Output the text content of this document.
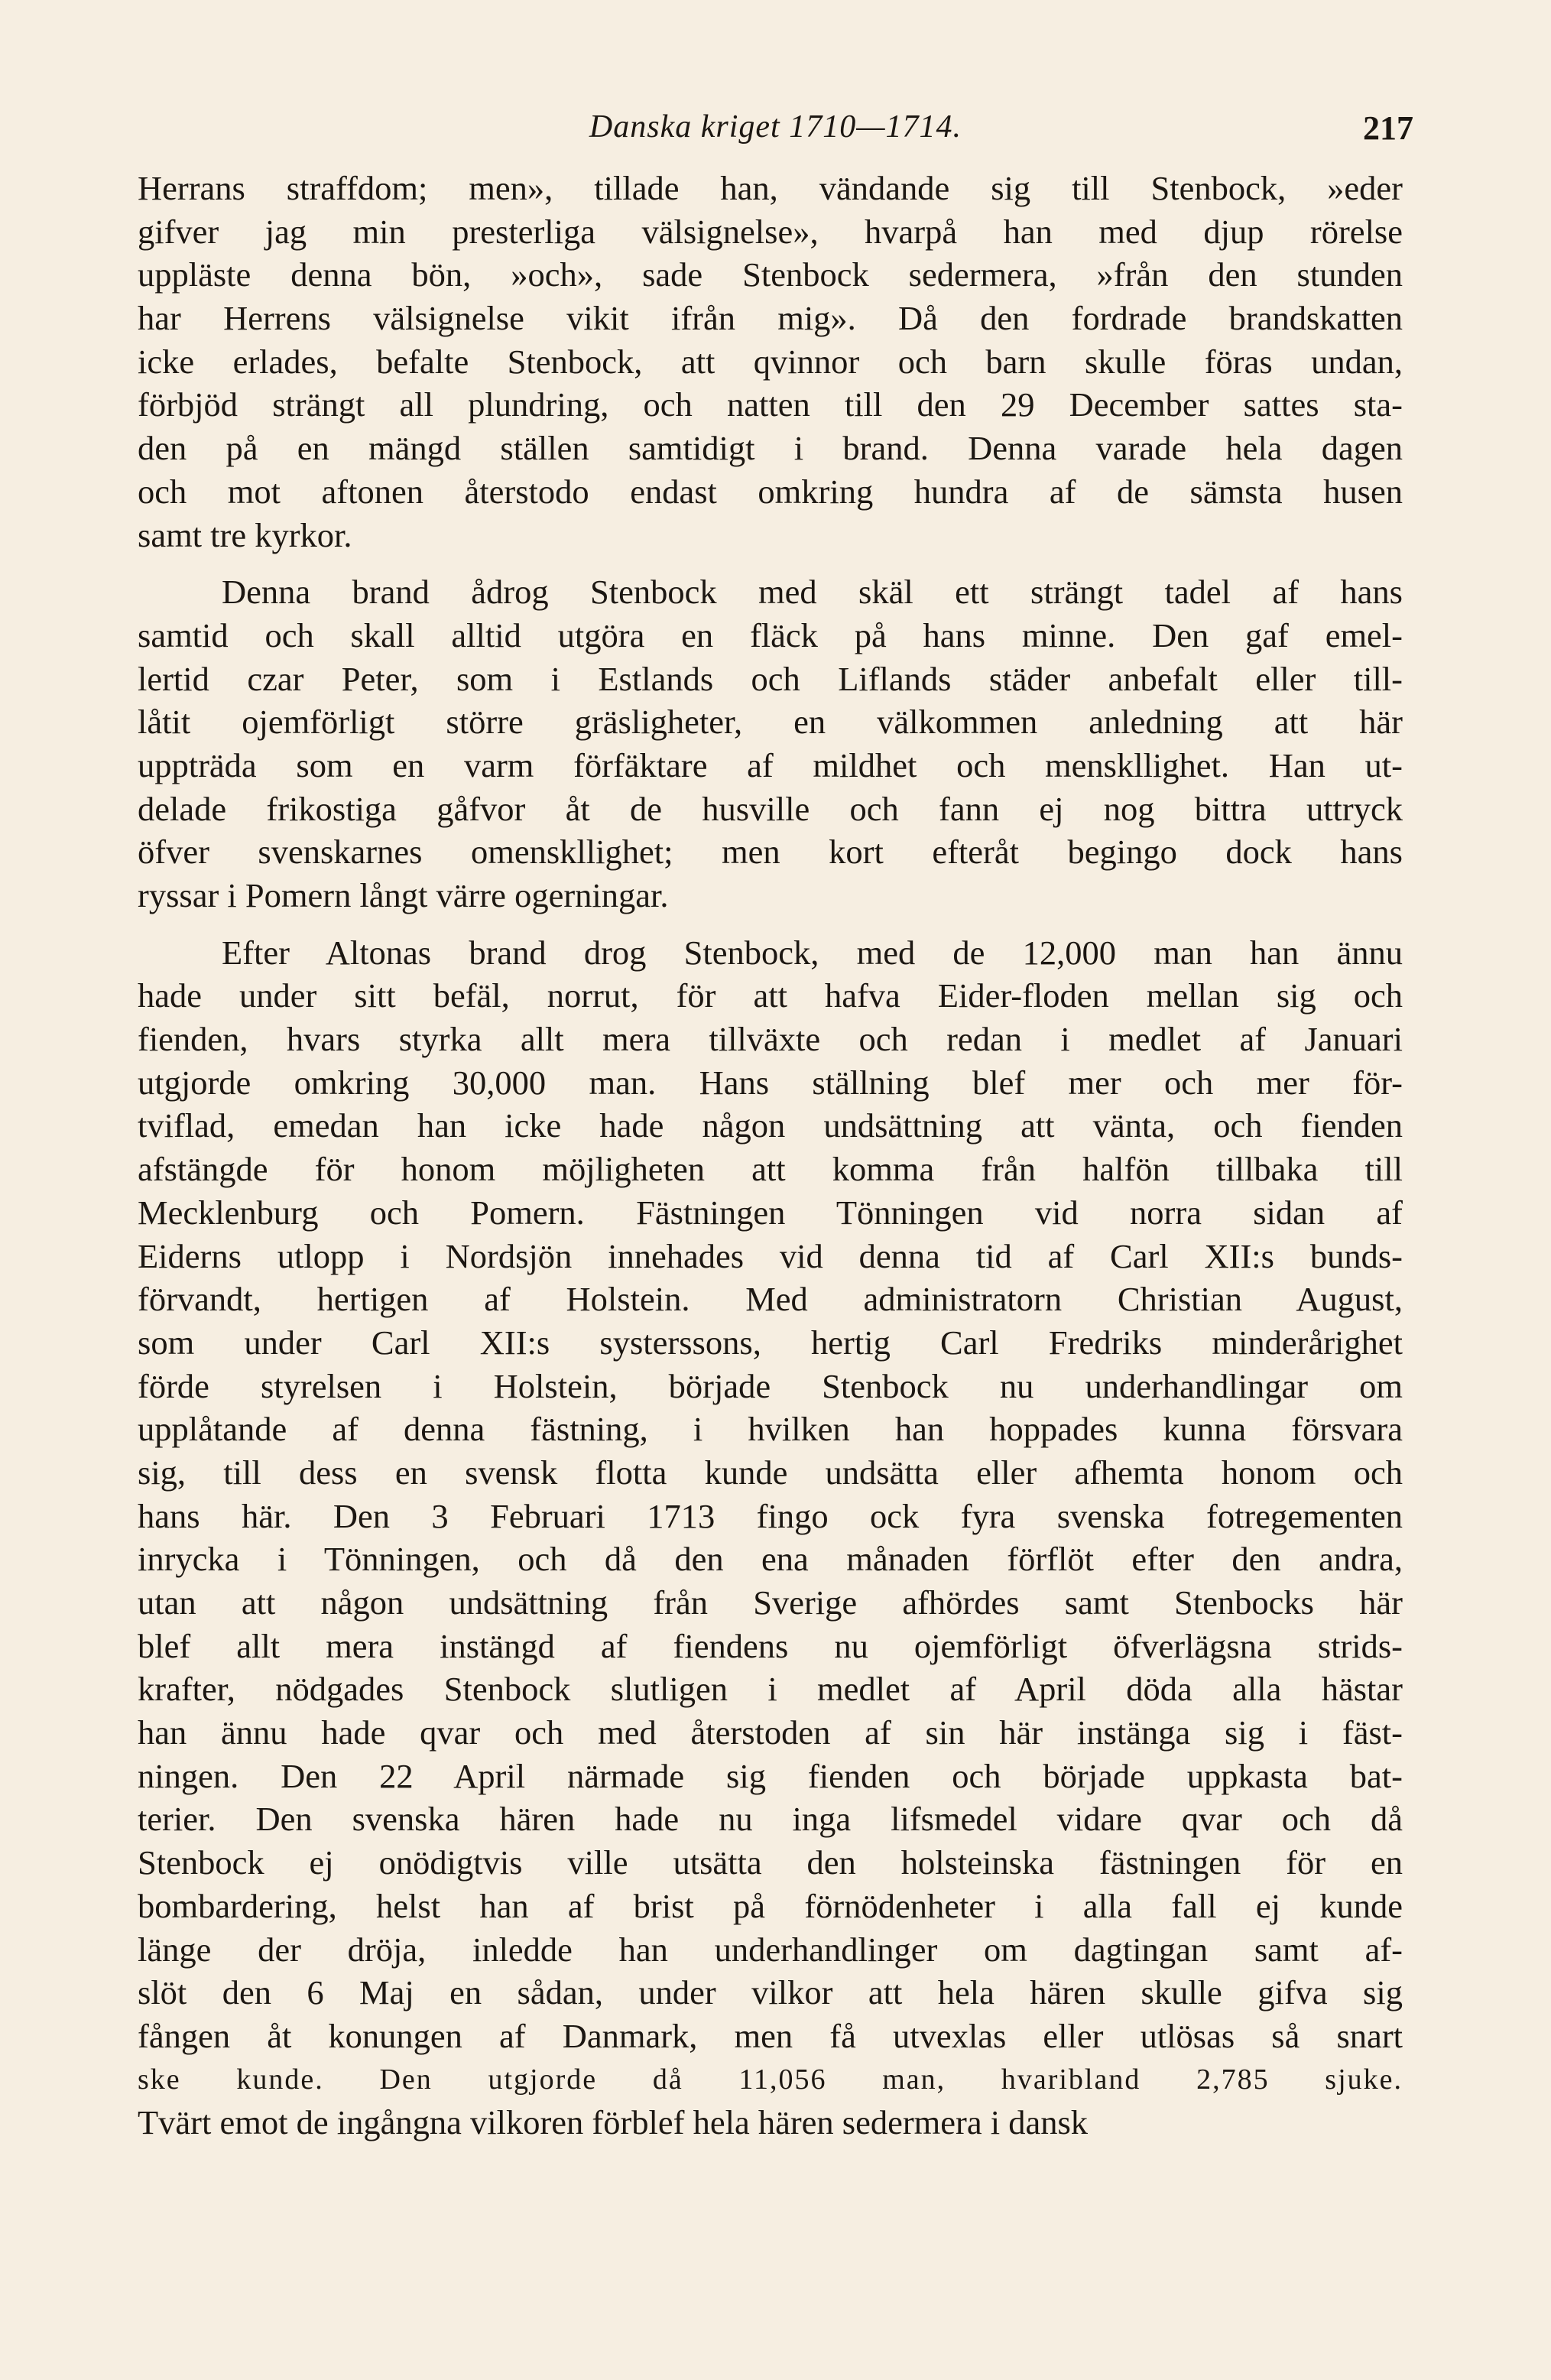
Danska kriget 1710—1714.	217
Herrans straffdom; men», tillade han, vändande sig till Stenbock, »eder
gifver jag min presterliga välsignelse», hvarpå han med djup rörelse
uppläste denna bön, »och», sade Stenbock sedermera, »från den stunden
har Herrens välsignelse vikit ifrån mig». Då den fordrade brandskatten
icke erlades, befalte Stenbock, att qvinnor och barn skulle föras undan,
förbjöd strängt all plundring, och natten till den 29 December sattes sta-
den på en mängd ställen samtidigt i brand. Denna varade hela dagen
och mot aftonen återstodo endast omkring hundra af de sämsta husen
samt tre kyrkor.
Denna brand ådrog Stenbock med skäl ett strängt tadel af hans
samtid och skall alltid utgöra en fläck på hans minne. Den gaf emel-
lertid czar Peter, som i Estlands och Liflands städer anbefalt eller till-
låtit ojemförligt större gräsligheter, en välkommen anledning att här
uppträda som en varm förfäktare af mildhet och menskllighet. Han ut-
delade frikostiga gåfvor åt de husville och fann ej nog bittra uttryck
öfver svenskarnes omenskllighet; men kort efteråt begingo dock hans
ryssar i Pomern långt värre ogerningar.
Efter Altonas brand drog Stenbock, med de 12,000 man han ännu
hade under sitt befäl, norrut, för att hafva Eider-floden mellan sig och
fienden, hvars styrka allt mera tillväxte och redan i medlet af Januari
utgjorde omkring 30,000 man. Hans ställning blef mer och mer för-
tviflad, emedan han icke hade någon undsättning att vänta, och fienden
afstängde för honom möjligheten att komma från halfön tillbaka till
Mecklenburg och Pomern. Fästningen Tönningen vid norra sidan af
Eiderns utlopp i Nordsjön innehades vid denna tid af Carl XII:s bunds-
förvandt, hertigen af Holstein. Med administratorn Christian August,
som under Carl XII:s systerssons, hertig Carl Fredriks minderårighet
förde styrelsen i Holstein, började Stenbock nu underhandlingar om
upplåtande af denna fästning, i hvilken han hoppades kunna försvara
sig, till dess en svensk flotta kunde undsätta eller afhemta honom och
hans här. Den 3 Februari 1713 fingo ock fyra svenska fotregementen
inrycka i Tönningen, och då den ena månaden förflöt efter den andra,
utan att någon undsättning från Sverige afhördes samt Stenbocks här
blef allt mera instängd af fiendens nu ojemförligt öfverlägsna strids-
krafter, nödgades Stenbock slutligen i medlet af April döda alla hästar
han ännu hade qvar och med återstoden af sin här instänga sig i fäst-
ningen. Den 22 April närmade sig fienden och började uppkasta bat-
terier. Den svenska hären hade nu inga lifsmedel vidare qvar och då
Stenbock ej onödigtvis ville utsätta den holsteinska fästningen för en
bombardering, helst han af brist på förnödenheter i alla fall ej kunde
länge der dröja, inledde han underhandlinger om dagtingan samt af-
slöt den 6 Maj en sådan, under vilkor att hela hären skulle gifva sig
fången åt konungen af Danmark, men få utvexlas eller utlösas så snart
ske kunde. Den utgjorde då 11,056 man, hvaribland 2,785 sjuke.
Tvärt emot de ingångna vilkoren förblef hela hären sedermera i dansk
